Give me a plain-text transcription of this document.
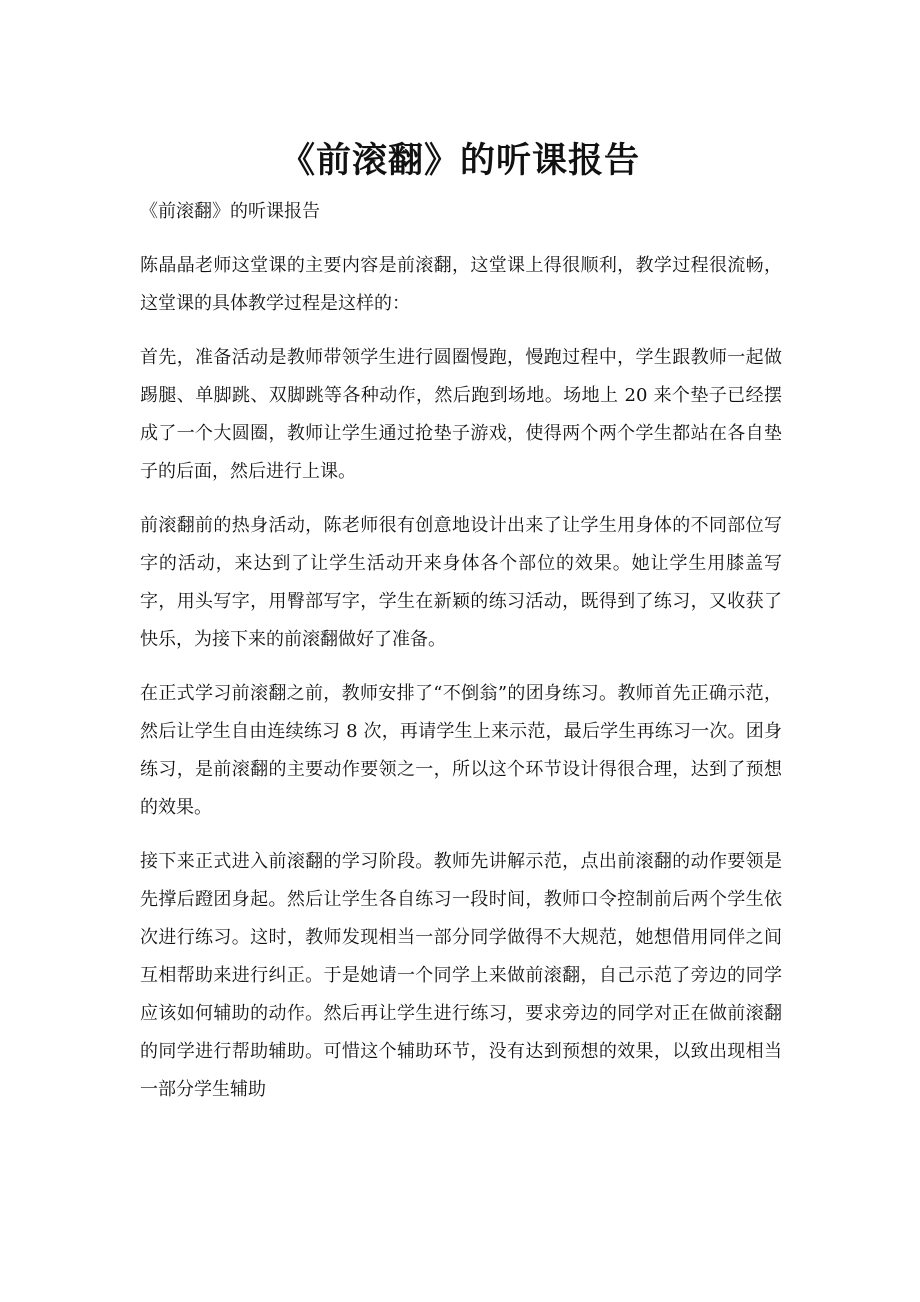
《前滚翻》的听课报告

《前滚翻》的听课报告

陈晶晶老师这堂课的主要内容是前滚翻，这堂课上得很顺利，教学过程很流畅，这堂课的具体教学过程是这样的：

首先，准备活动是教师带领学生进行圆圈慢跑，慢跑过程中，学生跟教师一起做踢腿、单脚跳、双脚跳等各种动作，然后跑到场地。场地上 20 来个垫子已经摆成了一个大圆圈，教师让学生通过抢垫子游戏，使得两个两个学生都站在各自垫子的后面，然后进行上课。

前滚翻前的热身活动，陈老师很有创意地设计出来了让学生用身体的不同部位写字的活动，来达到了让学生活动开来身体各个部位的效果。她让学生用膝盖写字，用头写字，用臀部写字，学生在新颖的练习活动，既得到了练习，又收获了快乐，为接下来的前滚翻做好了准备。

在正式学习前滚翻之前，教师安排了“不倒翁”的团身练习。教师首先正确示范，然后让学生自由连续练习 8 次，再请学生上来示范，最后学生再练习一次。团身练习，是前滚翻的主要动作要领之一，所以这个环节设计得很合理，达到了预想的效果。

接下来正式进入前滚翻的学习阶段。教师先讲解示范，点出前滚翻的动作要领是先撑后蹬团身起。然后让学生各自练习一段时间，教师口令控制前后两个学生依次进行练习。这时，教师发现相当一部分同学做得不大规范，她想借用同伴之间互相帮助来进行纠正。于是她请一个同学上来做前滚翻，自己示范了旁边的同学应该如何辅助的动作。然后再让学生进行练习，要求旁边的同学对正在做前滚翻的同学进行帮助辅助。可惜这个辅助环节，没有达到预想的效果，以致出现相当一部分学生辅助
